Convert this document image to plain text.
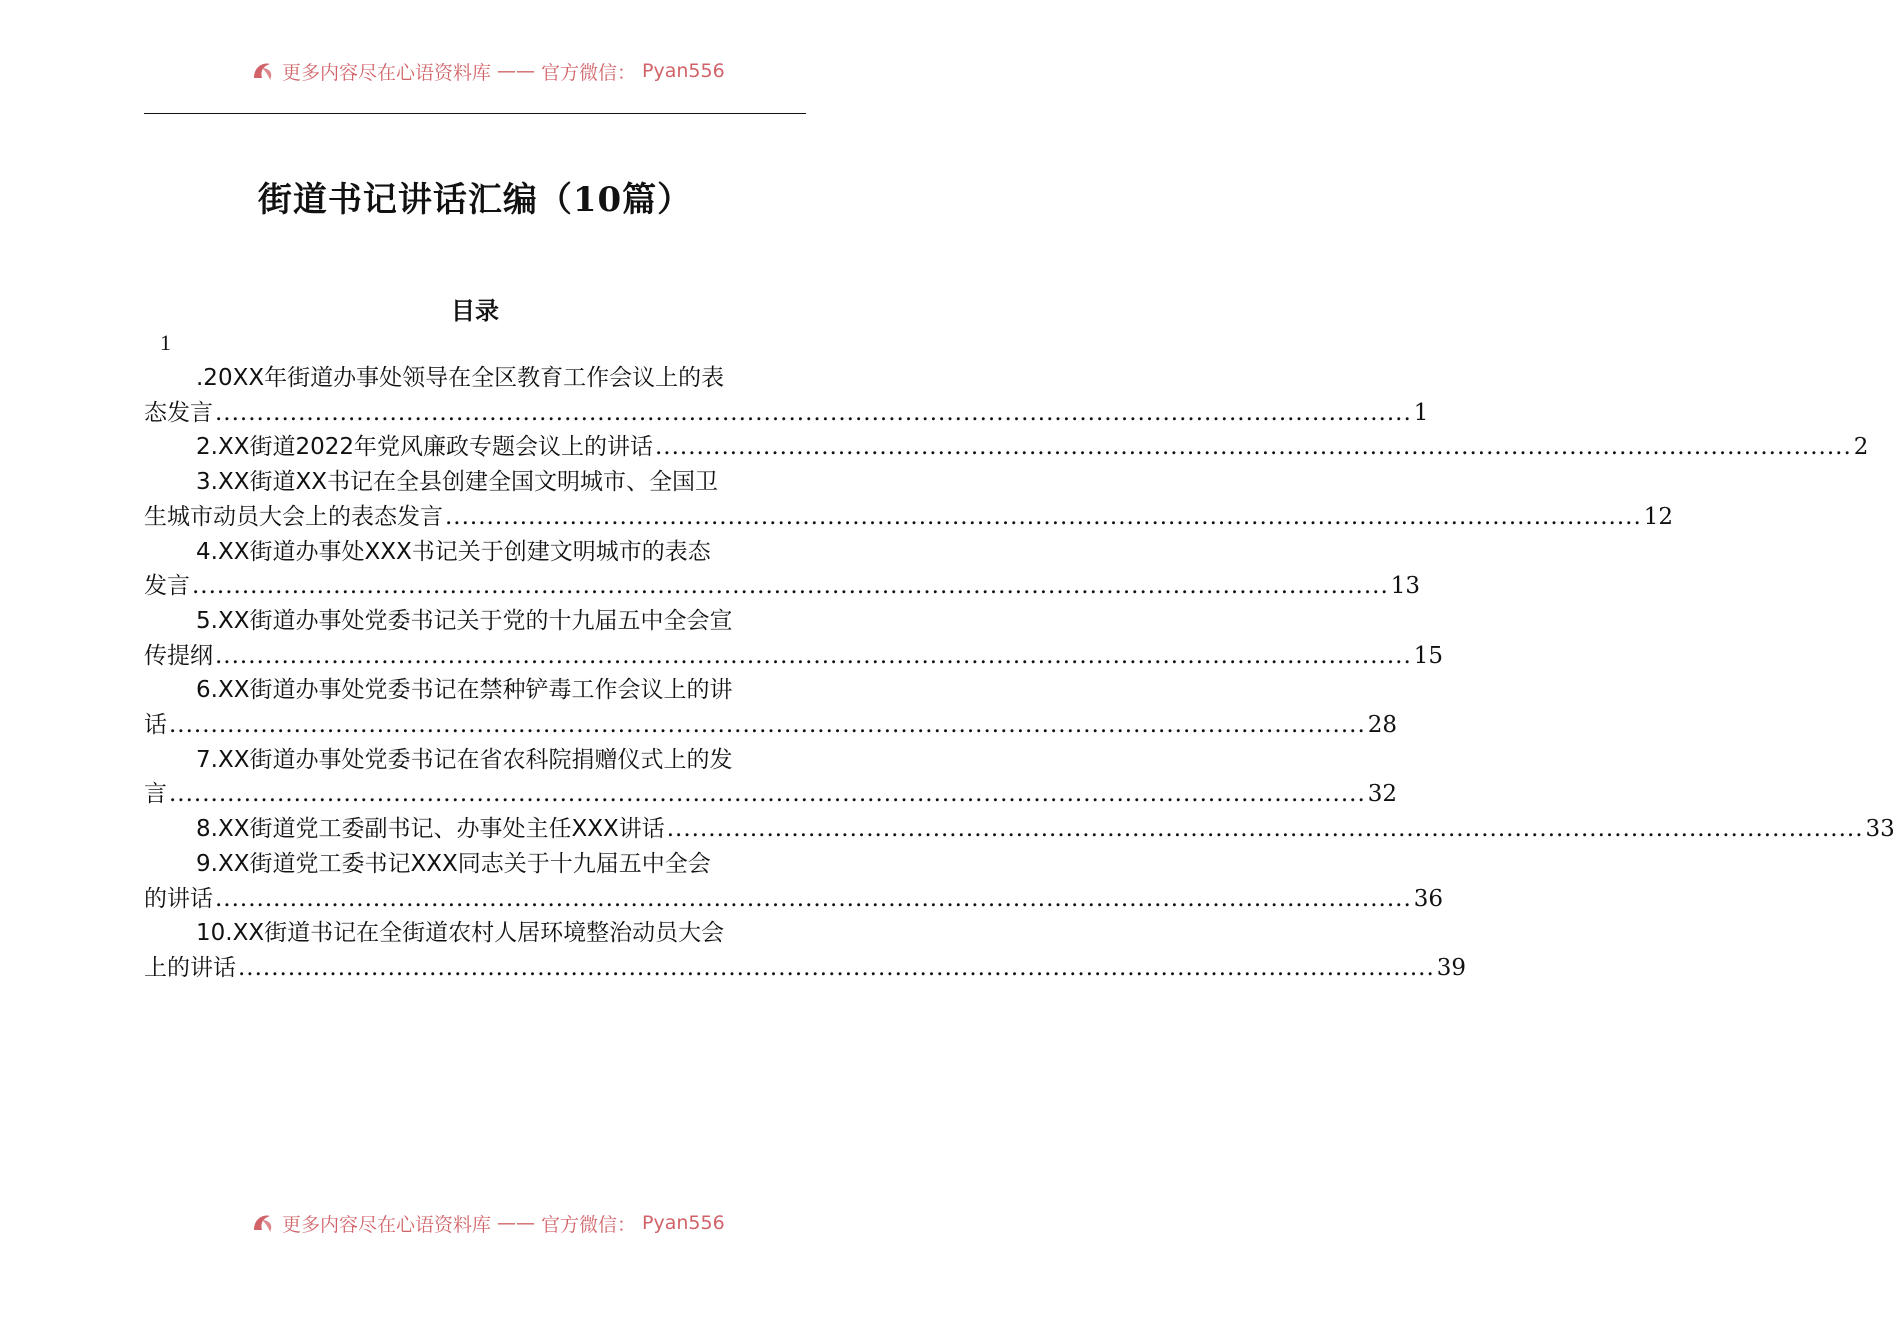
更多内容尽在心语资料库 —— 官方微信： Pyan556
街道书记讲话汇编（10篇）
目录
1
.20XX年街道办事处领导在全区教育工作会议上的表
态发言 ................................................................................................................................................ 1
2.XX街道2022年党风廉政专题会议上的讲话 ................................................................................................................................................ 2
3.XX街道XX书记在全县创建全国文明城市、全国卫
生城市动员大会上的表态发言 ................................................................................................................................................ 12
4.XX街道办事处XXX书记关于创建文明城市的表态
发言 ................................................................................................................................................ 13
5.XX街道办事处党委书记关于党的十九届五中全会宣
传提纲 ................................................................................................................................................ 15
6.XX街道办事处党委书记在禁种铲毒工作会议上的讲
话 ................................................................................................................................................ 28
7.XX街道办事处党委书记在省农科院捐赠仪式上的发
言 ................................................................................................................................................ 32
8.XX街道党工委副书记、办事处主任XXX讲话 ................................................................................................................................................ 33
9.XX街道党工委书记XXX同志关于十九届五中全会
的讲话 ................................................................................................................................................ 36
10.XX街道书记在全街道农村人居环境整治动员大会
上的讲话 ................................................................................................................................................ 39
更多内容尽在心语资料库 —— 官方微信： Pyan556
